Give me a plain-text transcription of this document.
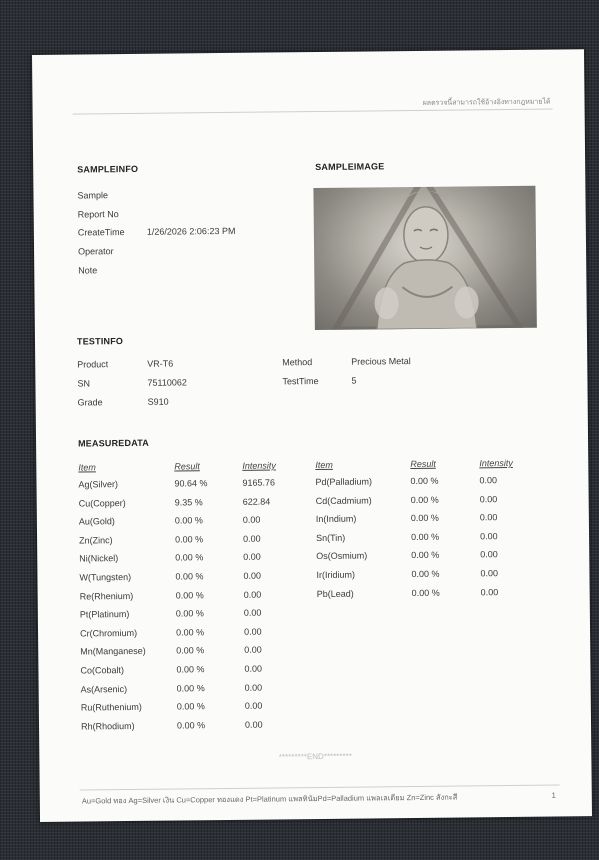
ผลตรวจนี้สามารถใช้อ้างอิงทางกฎหมายได้
SAMPLEINFO
Sample
Report No
CreateTime 1/26/2026 2:06:23 PM
Operator
Note
SAMPLEIMAGE
TESTINFO
Product	VR-T6
SN	75110062
Grade	S910
Method	Precious Metal
TestTime	5
MEASUREDATA
Item	Result	Intensity	Item	Result	Intensity
Ag(Silver)	90.64 %	9165.76
Cu(Copper)	9.35 %	622.84
Au(Gold)	0.00 %	0.00
Zn(Zinc)	0.00 %	0.00
Ni(Nickel)	0.00 %	0.00
W(Tungsten)	0.00 %	0.00
Re(Rhenium)	0.00 %	0.00
Pt(Platinum)	0.00 %	0.00
Cr(Chromium)	0.00 %	0.00
Mn(Manganese)	0.00 %	0.00
Co(Cobalt)	0.00 %	0.00
As(Arsenic)	0.00 %	0.00
Ru(Ruthenium)	0.00 %	0.00
Rh(Rhodium)	0.00 %	0.00
Pd(Palladium)	0.00 %	0.00
Cd(Cadmium)	0.00 %	0.00
In(Indium)	0.00 %	0.00
Sn(Tin)	0.00 %	0.00
Os(Osmium)	0.00 %	0.00
Ir(Iridium)	0.00 %	0.00
Pb(Lead)	0.00 %	0.00
*********END*********
Au=Gold ทอง Ag=Silver เงิน Cu=Copper ทองแดง Pt=Platinum แพลทินัมPd=Palladium แพลเลเดียม Zn=Zinc สังกะสี	1
